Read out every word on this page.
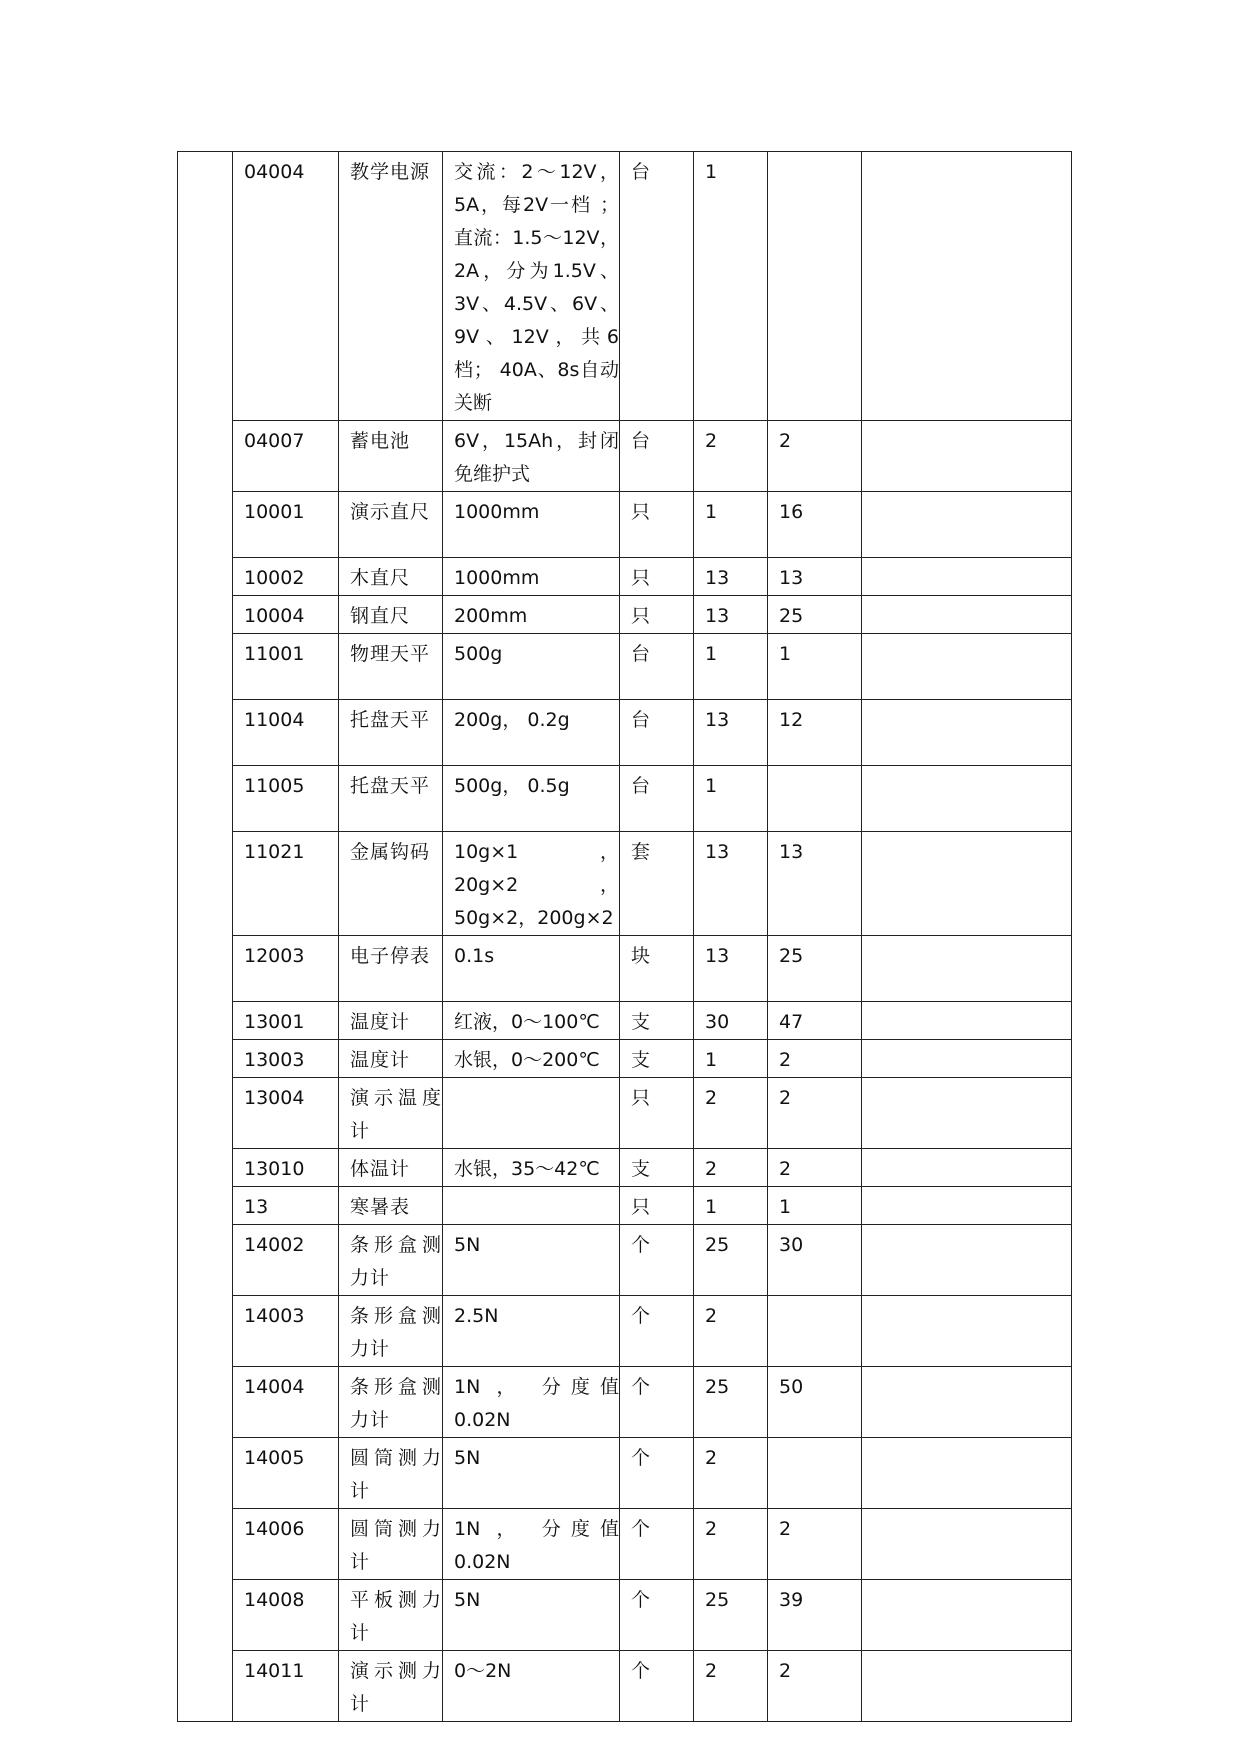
	04004	教学电源	交流：2～12V，5A，每2V一档 ；直流：1.5～12V，2A，分为1.5V、3V、4.5V、6V、9V、12V，共6档； 40A、8s自动关断	台	1		
	04007	蓄电池	6V，15Ah，封闭免维护式	台	2	2	
	10001	演示直尺	1000mm	只	1	16	
	10002	木直尺	1000mm	只	13	13	
	10004	钢直尺	200mm	只	13	25	
	11001	物理天平	500g	台	1	1	
	11004	托盘天平	200g， 0.2g	台	13	12	
	11005	托盘天平	500g， 0.5g	台	1		
	11021	金属钩码	10g×1，20g×2，50g×2，200g×2	套	13	13	
	12003	电子停表	0.1s	块	13	25	
	13001	温度计	红液，0～100℃	支	30	47	
	13003	温度计	水银，0～200℃	支	1	2	
	13004	演示温度计		只	2	2	
	13010	体温计	水银，35～42℃	支	2	2	
	13	寒暑表		只	1	1	
	14002	条形盒测力计	5N	个	25	30	
	14003	条形盒测力计	2.5N	个	2		
	14004	条形盒测力计	1N ， 分度值0.02N	个	25	50	
	14005	圆筒测力计	5N	个	2		
	14006	圆筒测力计	1N ， 分度值0.02N	个	2	2	
	14008	平板测力计	5N	个	25	39	
	14011	演示测力计	0～2N	个	2	2	
